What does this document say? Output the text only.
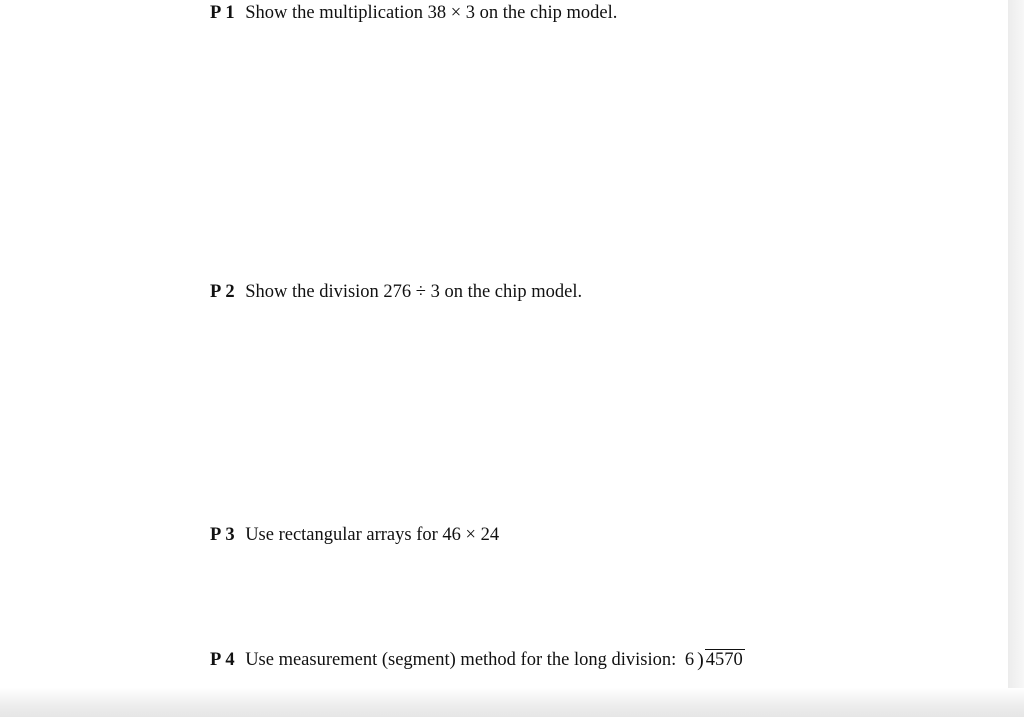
P 1 Show the multiplication 38 × 3 on the chip model.
P 2 Show the division 276 ÷ 3 on the chip model.
P 3 Use rectangular arrays for 46 × 24
P 4 Use measurement (segment) method for the long division: 6 ) 4570
